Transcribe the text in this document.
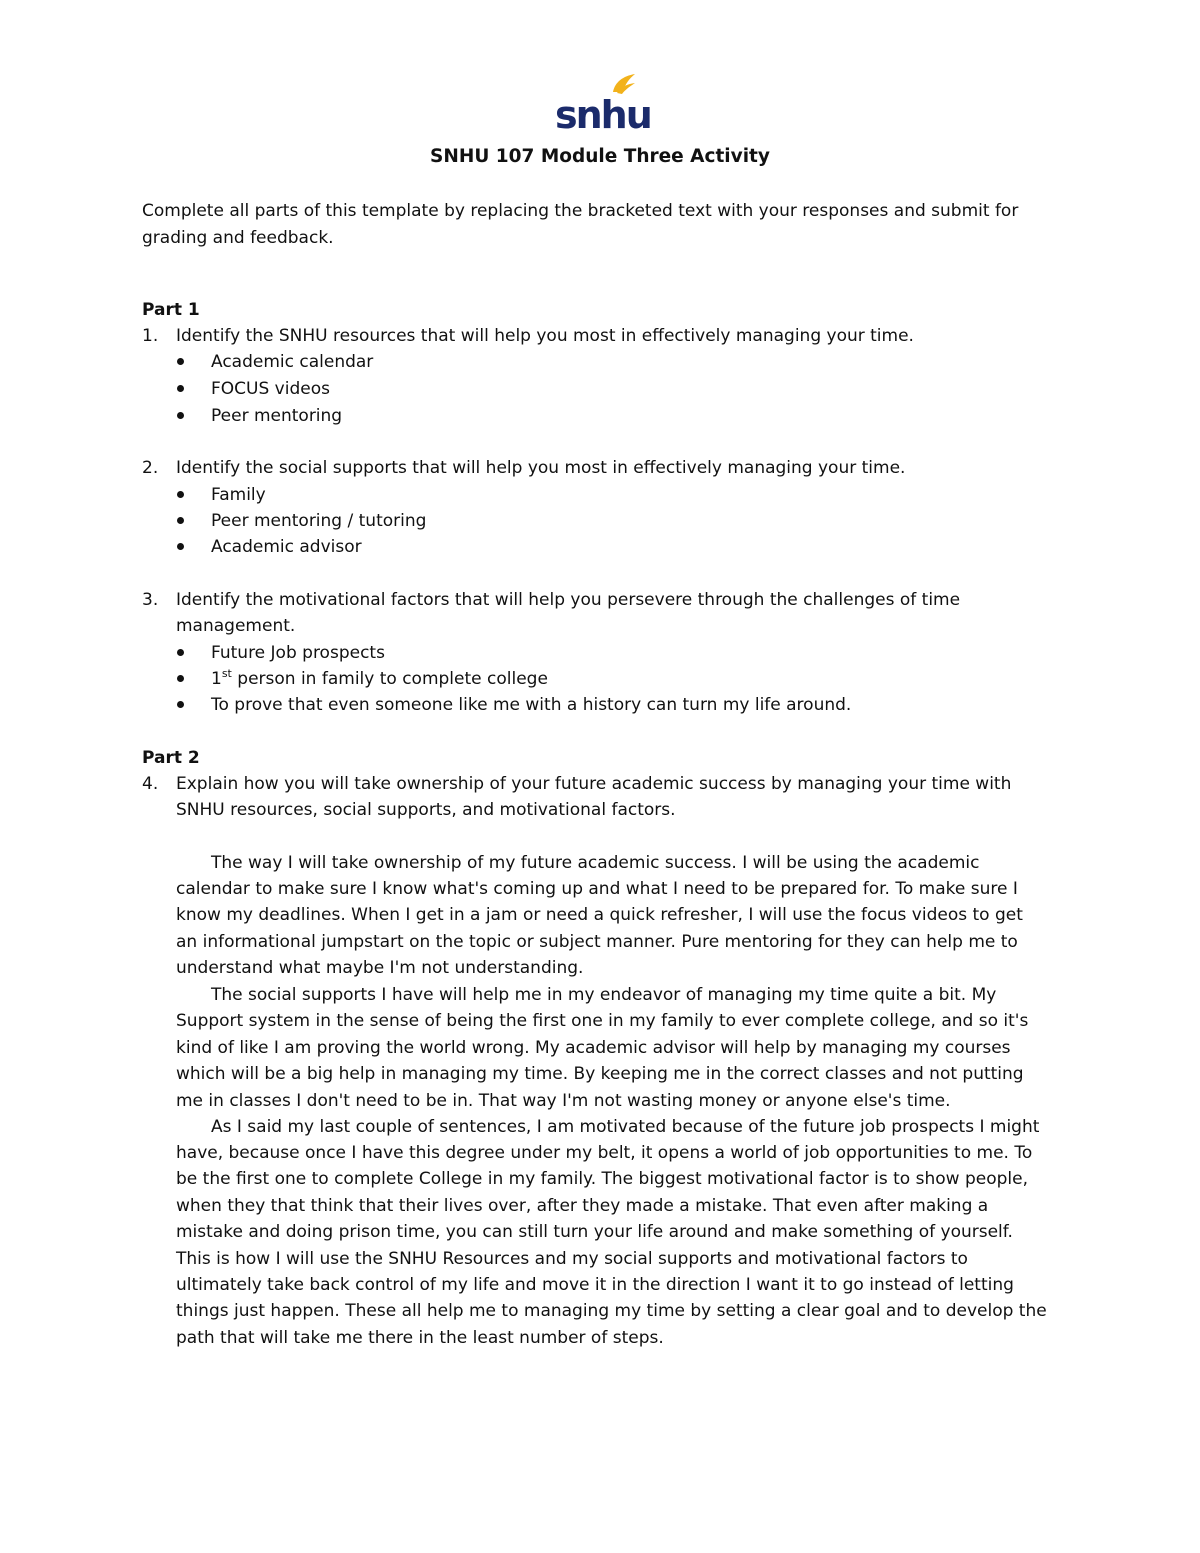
snhu
SNHU 107 Module Three Activity
Complete all parts of this template by replacing the bracketed text with your responses and submit for
grading and feedback.
Part 1
1. Identify the SNHU resources that will help you most in effectively managing your time.
Academic calendar
FOCUS videos
Peer mentoring
2. Identify the social supports that will help you most in effectively managing your time.
Family
Peer mentoring / tutoring
Academic advisor
3. Identify the motivational factors that will help you persevere through the challenges of time
management.
Future Job prospects
1st person in family to complete college
To prove that even someone like me with a history can turn my life around.
Part 2
4. Explain how you will take ownership of your future academic success by managing your time with
SNHU resources, social supports, and motivational factors.
The way I will take ownership of my future academic success. I will be using the academic
calendar to make sure I know what's coming up and what I need to be prepared for. To make sure I
know my deadlines. When I get in a jam or need a quick refresher, I will use the focus videos to get
an informational jumpstart on the topic or subject manner. Pure mentoring for they can help me to
understand what maybe I'm not understanding.
The social supports I have will help me in my endeavor of managing my time quite a bit. My
Support system in the sense of being the first one in my family to ever complete college, and so it's
kind of like I am proving the world wrong. My academic advisor will help by managing my courses
which will be a big help in managing my time. By keeping me in the correct classes and not putting
me in classes I don't need to be in. That way I'm not wasting money or anyone else's time.
As I said my last couple of sentences, I am motivated because of the future job prospects I might
have, because once I have this degree under my belt, it opens a world of job opportunities to me. To
be the first one to complete College in my family. The biggest motivational factor is to show people,
when they that think that their lives over, after they made a mistake. That even after making a
mistake and doing prison time, you can still turn your life around and make something of yourself.
This is how I will use the SNHU Resources and my social supports and motivational factors to
ultimately take back control of my life and move it in the direction I want it to go instead of letting
things just happen. These all help me to managing my time by setting a clear goal and to develop the
path that will take me there in the least number of steps.
